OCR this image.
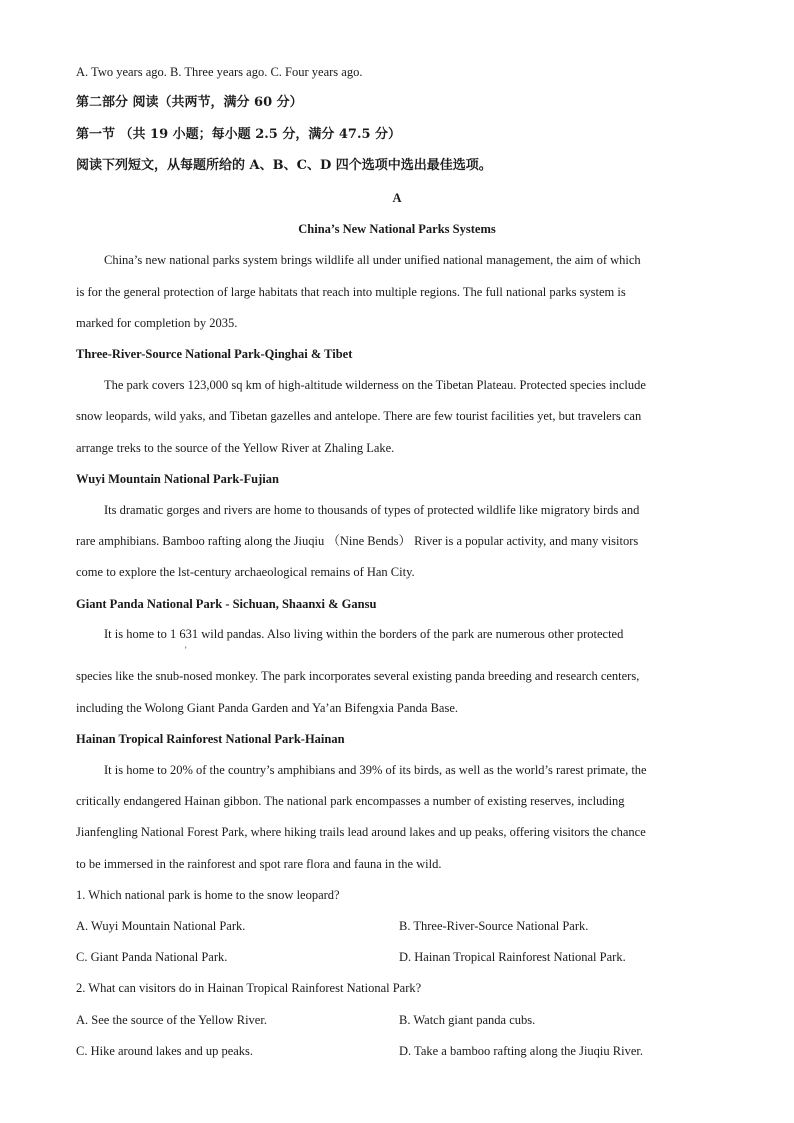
A. Two years ago. B. Three years ago. C. Four years ago.
第二部分 阅读（共两节，满分 60 分）
第一节 （共 19 小题；每小题 2.5 分，满分 47.5 分）
阅读下列短文，从每题所给的 A、B、C、D 四个选项中选出最佳选项。
A
China’s New National Parks Systems
China’s new national parks system brings wildlife all under unified national management, the aim of which
is for the general protection of large habitats that reach into multiple regions. The full national parks system is
marked for completion by 2035.
Three-River-Source National Park-Qinghai & Tibet
The park covers 123,000 sq km of high-altitude wilderness on the Tibetan Plateau. Protected species include
snow leopards, wild yaks, and Tibetan gazelles and antelope. There are few tourist facilities yet, but travelers can
arrange treks to the source of the Yellow River at Zhaling Lake.
Wuyi Mountain National Park-Fujian
Its dramatic gorges and rivers are home to thousands of types of protected wildlife like migratory birds and
rare amphibians. Bamboo rafting along the Jiuqiu （Nine Bends） River is a popular activity, and many visitors
come to explore the lst-century archaeological remains of Han City.
Giant Panda National Park - Sichuan, Shaanxi & Gansu
It is home to 1 631 wild pandas. Also living within the borders of the park are numerous other protected
'
species like the snub-nosed monkey. The park incorporates several existing panda breeding and research centers,
including the Wolong Giant Panda Garden and Ya’an Bifengxia Panda Base.
Hainan Tropical Rainforest National Park-Hainan
It is home to 20% of the country’s amphibians and 39% of its birds, as well as the world’s rarest primate, the
critically endangered Hainan gibbon. The national park encompasses a number of existing reserves, including
Jianfengling National Forest Park, where hiking trails lead around lakes and up peaks, offering visitors the chance
to be immersed in the rainforest and spot rare flora and fauna in the wild.
1. Which national park is home to the snow leopard?
A. Wuyi Mountain National Park.	B. Three-River-Source National Park.
C. Giant Panda National Park.	D. Hainan Tropical Rainforest National Park.
2. What can visitors do in Hainan Tropical Rainforest National Park?
A. See the source of the Yellow River.	B. Watch giant panda cubs.
C. Hike around lakes and up peaks.	D. Take a bamboo rafting along the Jiuqiu River.
